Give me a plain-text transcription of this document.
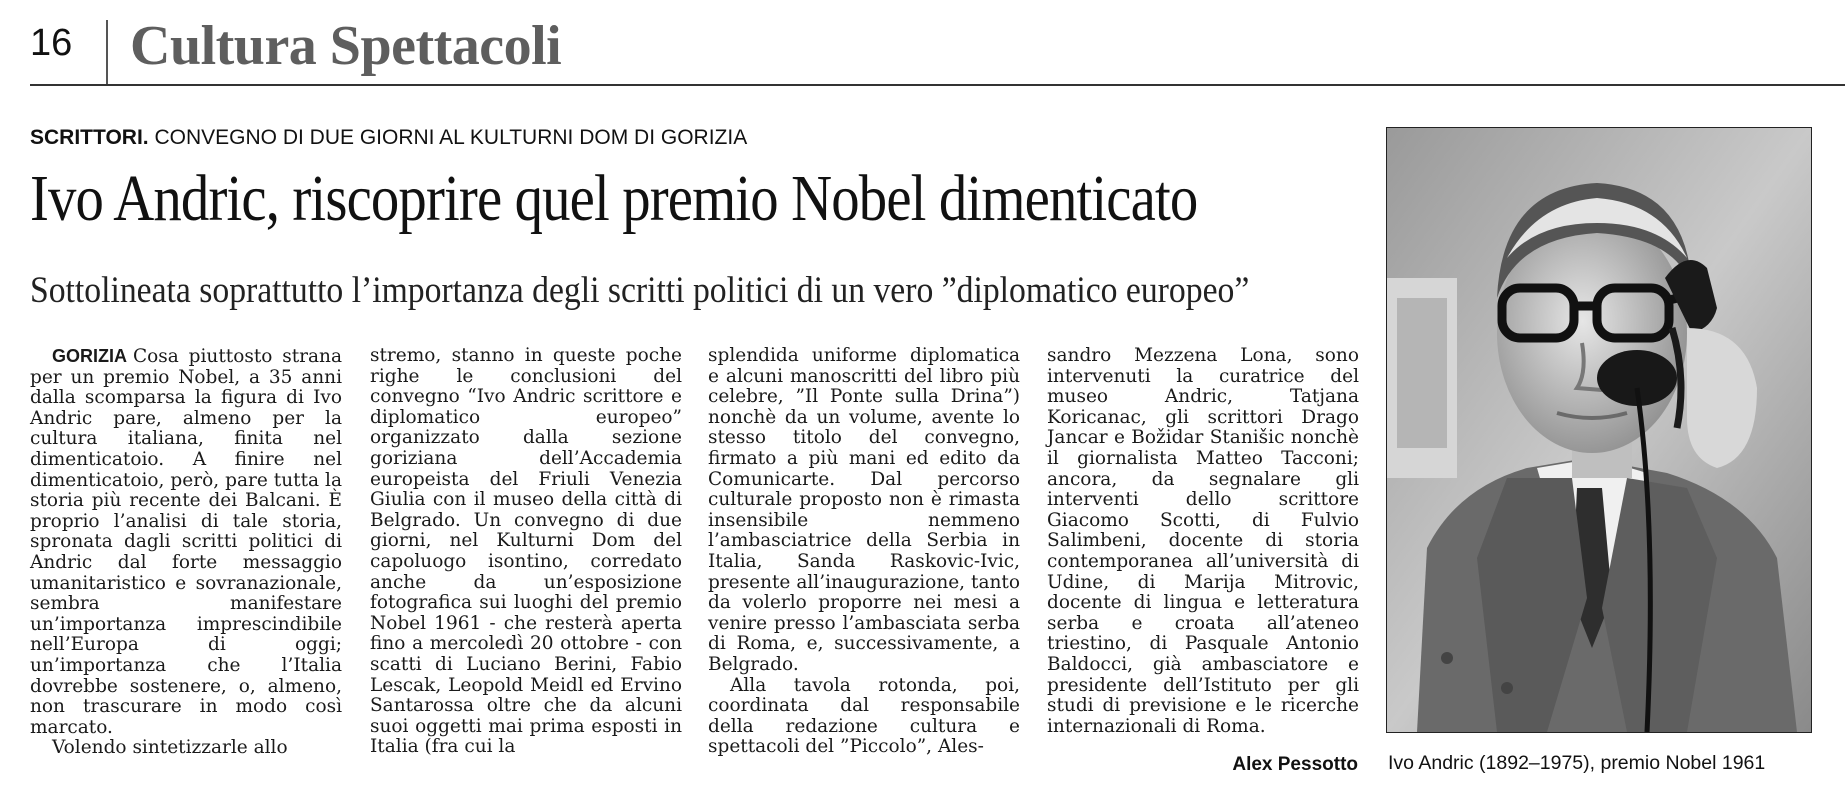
16 Cultura Spettacoli
SCRITTORI. CONVEGNO DI DUE GIORNI AL KULTURNI DOM DI GORIZIA
Ivo Andric, riscoprire quel premio Nobel dimenticato
Sottolineata soprattutto l’importanza degli scritti politici di un vero ”diplomatico europeo”

GORIZIA Cosa piuttosto strana per un premio Nobel, a 35 anni dalla scomparsa la figura di Ivo Andric pare, almeno per la cultura italiana, finita nel dimenticatoio. A finire nel dimenticatoio, però, pare tutta la storia più recente dei Balcani. È proprio l’analisi di tale storia, spronata dagli scritti politici di Andric dal forte messaggio umanitaristico e sovranazionale, sembra manifestare un’importanza imprescindibile nell’Europa di oggi; un’importanza che l’Italia dovrebbe sostenere, o, almeno, non trascurare in modo così marcato.

Volendo sintetizzarle allo

stremo, stanno in queste poche righe le conclusioni del convegno “Ivo Andric scrittore e diplomatico europeo” organizzato dalla sezione goriziana dell’Accademia europeista del Friuli Venezia Giulia con il museo della città di Belgrado. Un convegno di due giorni, nel Kulturni Dom del capoluogo isontino, corredato anche da un’esposizione fotografica sui luoghi del premio Nobel 1961 - che resterà aperta fino a mercoledì 20 ottobre - con scatti di Luciano Berini, Fabio Lescak, Leopold Meidl ed Ervino Santarossa oltre che da alcuni suoi oggetti mai prima esposti in Italia (fra cui la

splendida uniforme diplomatica e alcuni manoscritti del libro più celebre, ”Il Ponte sulla Drina”) nonchè da un volume, avente lo stesso titolo del convegno, firmato a più mani ed edito da Comunicarte. Dal percorso culturale proposto non è rimasta insensibile nemmeno l’ambasciatrice della Serbia in Italia, Sanda Raskovic-Ivic, presente all’inaugurazione, tanto da volerlo proporre nei mesi a venire presso l’ambasciata serba di Roma, e, successivamente, a Belgrado.

Alla tavola rotonda, poi, coordinata dal responsabile della redazione cultura e spettacoli del ”Piccolo”, Ales-

sandro Mezzena Lona, sono intervenuti la curatrice del museo Andric, Tatjana Koricanac, gli scrittori Drago Jancar e Božidar Stanišic nonchè il giornalista Matteo Tacconi; ancora, da segnalare gli interventi dello scrittore Giacomo Scotti, di Fulvio Salimbeni, docente di storia contemporanea all’università di Udine, di Marija Mitrovic, docente di lingua e letteratura serba e croata all’ateneo triestino, di Pasquale Antonio Baldocci, già ambasciatore e presidente dell’Istituto per gli studi di previsione e le ricerche internazionali di Roma.

Alex Pessotto Ivo Andric (1892–1975), premio Nobel 1961
